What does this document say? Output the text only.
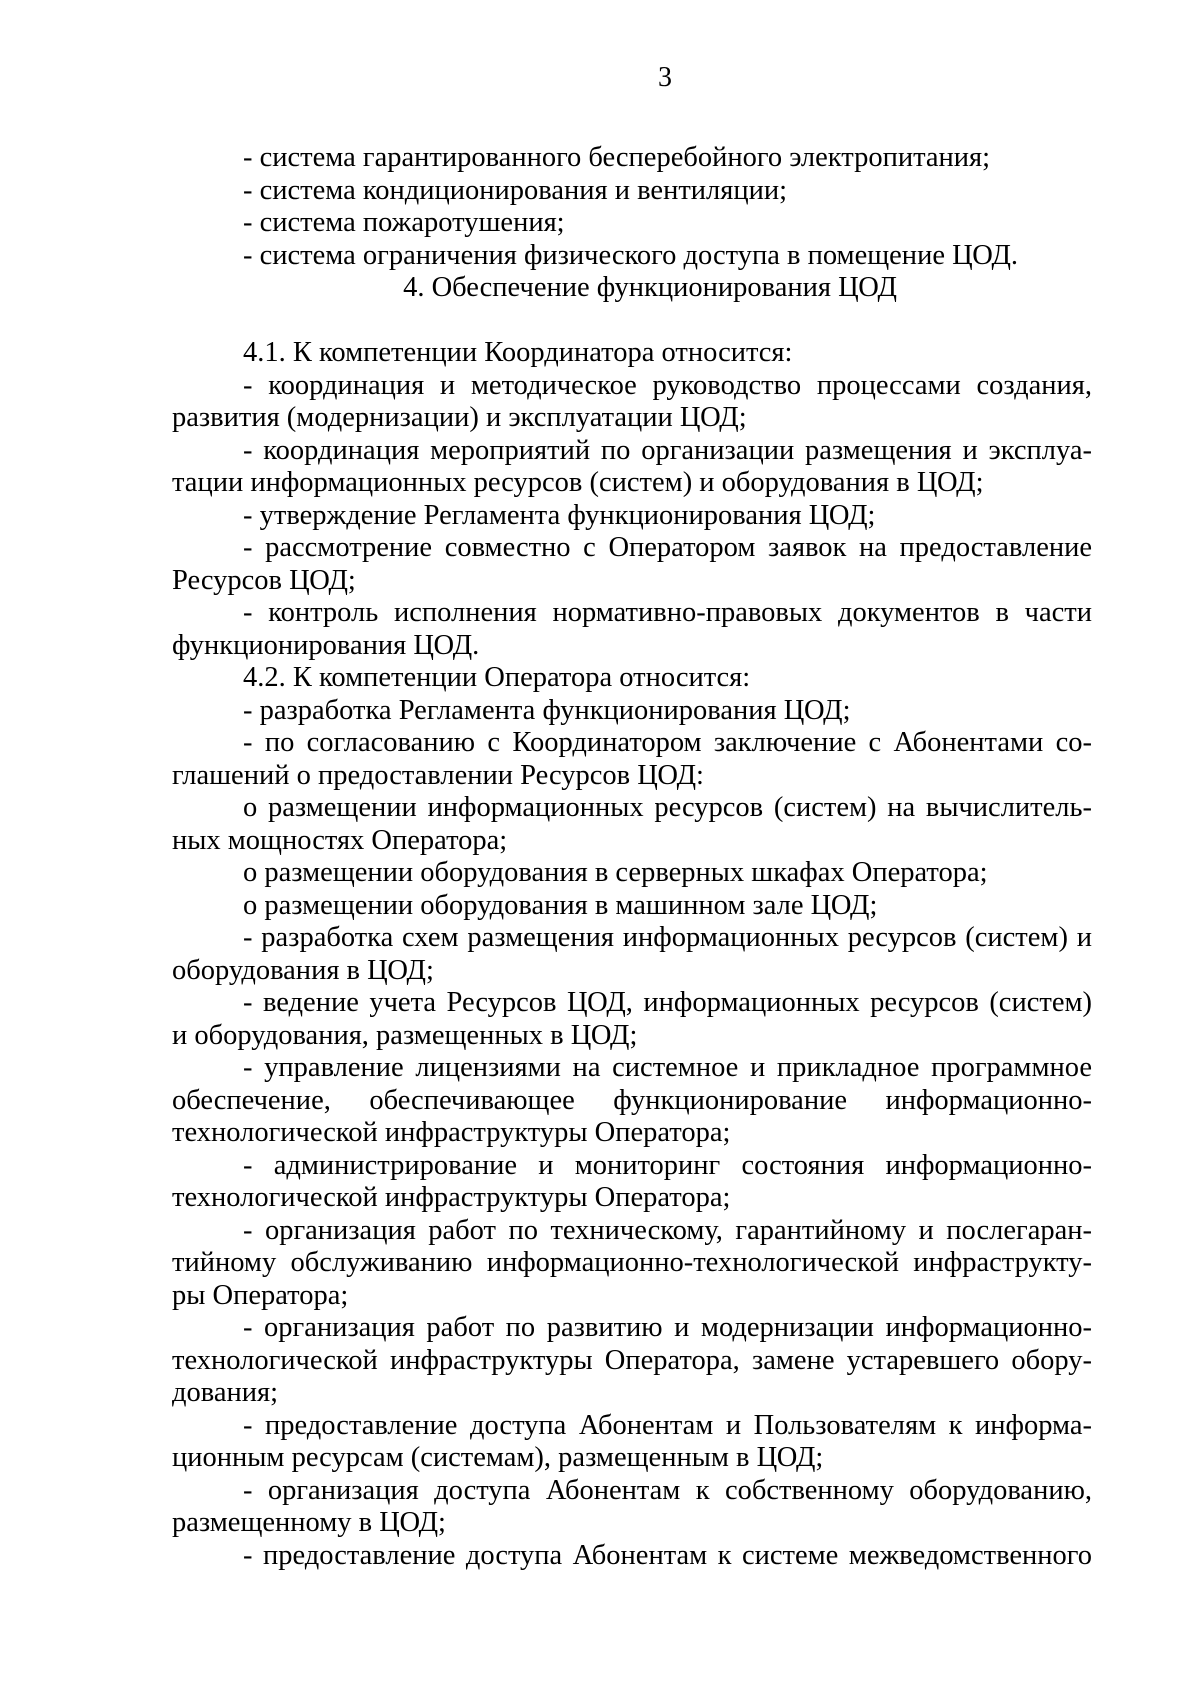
3
- система гарантированного бесперебойного электропитания;
- система кондиционирования и вентиляции;
- система пожаротушения;
- система ограничения физического доступа в помещение ЦОД.
4. Обеспечение функционирования ЦОД
4.1. К компетенции Координатора относится:
- координация и методическое руководство процессами создания,
развития (модернизации) и эксплуатации ЦОД;
- координация мероприятий по организации размещения и эксплуа-
тации информационных ресурсов (систем) и оборудования в ЦОД;
- утверждение Регламента функционирования ЦОД;
- рассмотрение совместно с Оператором заявок на предоставление
Ресурсов ЦОД;
- контроль исполнения нормативно-правовых документов в части
функционирования ЦОД.
4.2. К компетенции Оператора относится:
- разработка Регламента функционирования ЦОД;
- по согласованию с Координатором заключение с Абонентами со-
глашений о предоставлении Ресурсов ЦОД:
о размещении информационных ресурсов (систем) на вычислитель-
ных мощностях Оператора;
о размещении оборудования в серверных шкафах Оператора;
о размещении оборудования в машинном зале ЦОД;
- разработка схем размещения информационных ресурсов (систем) и
оборудования в ЦОД;
- ведение учета Ресурсов ЦОД, информационных ресурсов (систем)
и оборудования, размещенных в ЦОД;
- управление лицензиями на системное и прикладное программное
обеспечение, обеспечивающее функционирование информационно-
технологической инфраструктуры Оператора;
- администрирование и мониторинг состояния информационно-
технологической инфраструктуры Оператора;
- организация работ по техническому, гарантийному и послегаран-
тийному обслуживанию информационно-технологической инфраструкту-
ры Оператора;
- организация работ по развитию и модернизации информационно-
технологической инфраструктуры Оператора, замене устаревшего обору-
дования;
- предоставление доступа Абонентам и Пользователям к информа-
ционным ресурсам (системам), размещенным в ЦОД;
- организация доступа Абонентам к собственному оборудованию,
размещенному в ЦОД;
- предоставление доступа Абонентам к системе межведомственного
